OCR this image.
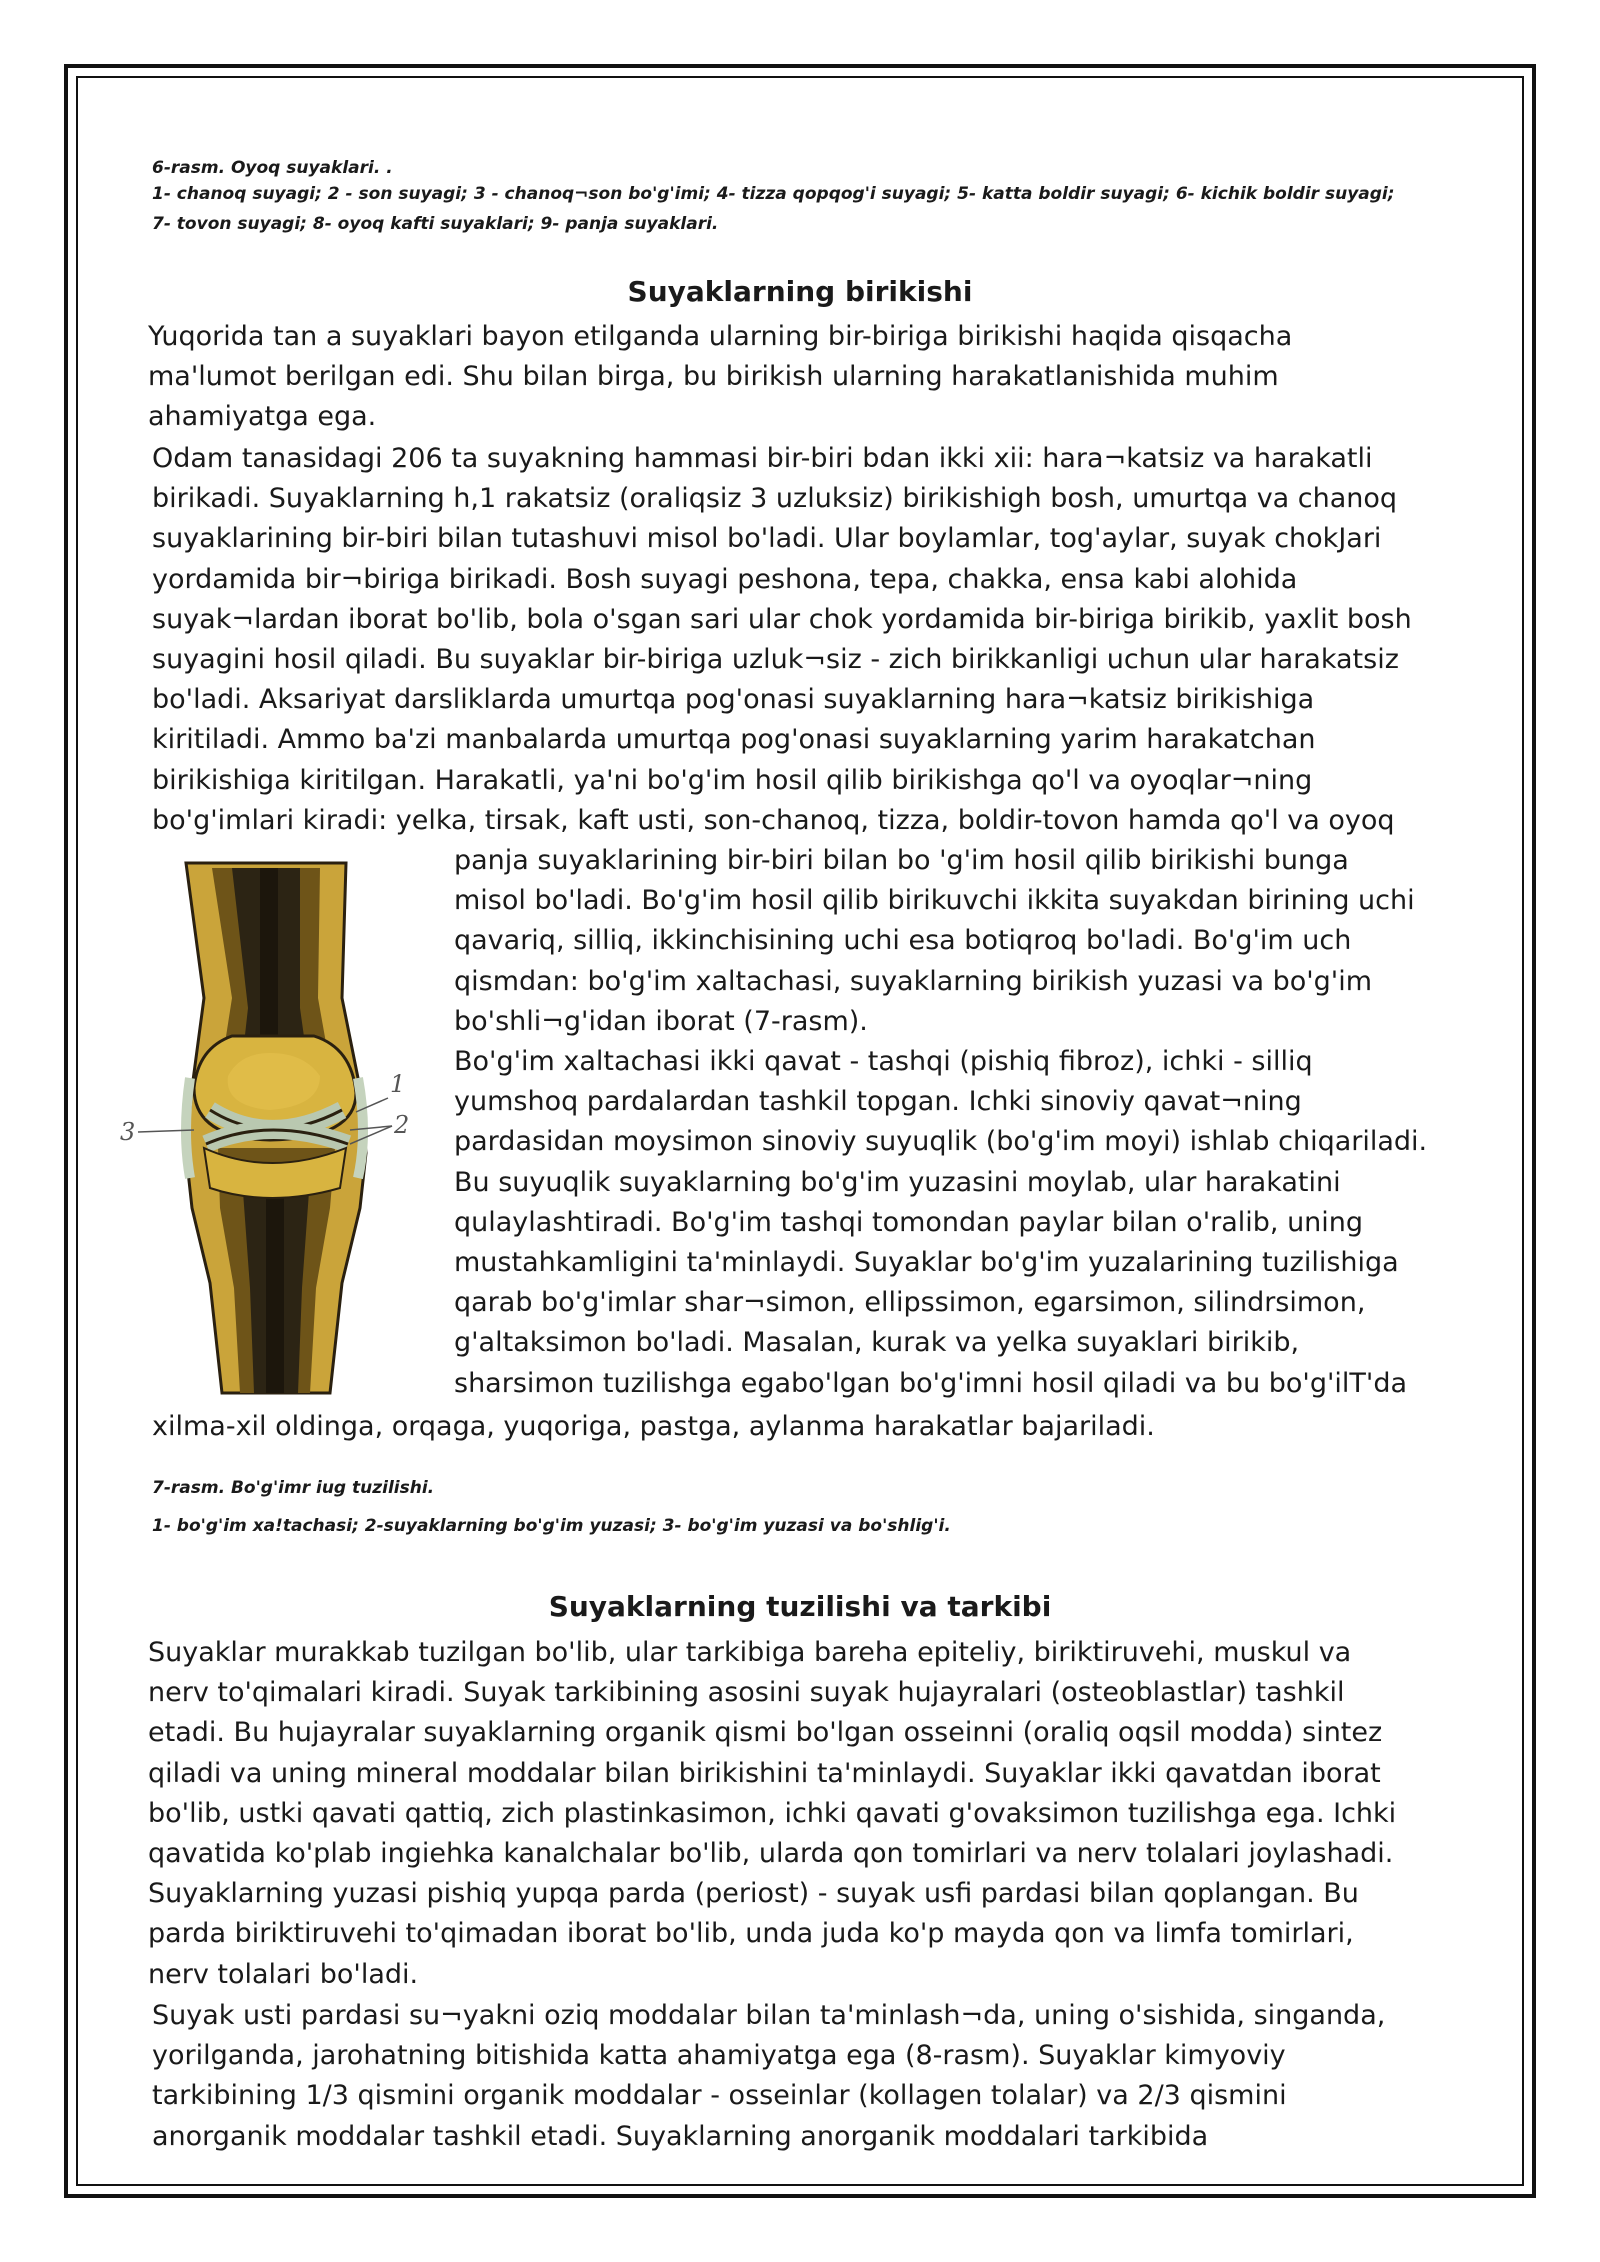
6-rasm. Oyoq suyaklari. .
1- chanoq suyagi; 2 - son suyagi; 3 - chanoq¬son bo'g'imi; 4- tizza qopqog'i suyagi; 5- katta boldir suyagi; 6- kichik boldir suyagi;
7- tovon suyagi; 8- oyoq kafti suyaklari; 9- panja suyaklari.
Suyaklarning birikishi
Yuqorida tan a suyaklari bayon etilganda ularning bir-biriga birikishi haqida qisqacha
ma'lumot berilgan edi. Shu bilan birga, bu birikish ularning harakatlanishida muhim
ahamiyatga ega.
Odam tanasidagi 206 ta suyakning hammasi bir-biri bdan ikki xii: hara¬katsiz va harakatli
birikadi. Suyaklarning h,1 rakatsiz (oraliqsiz 3 uzluksiz) birikishigh bosh, umurtqa va chanoq
suyaklarining bir-biri bilan tutashuvi misol bo'ladi. Ular boylamlar, tog'aylar, suyak chokJari
yordamida bir¬biriga birikadi. Bosh suyagi peshona, tepa, chakka, ensa kabi alohida
suyak¬lardan iborat bo'lib, bola o'sgan sari ular chok yordamida bir-biriga birikib, yaxlit bosh
suyagini hosil qiladi. Bu suyaklar bir-biriga uzluk¬siz - zich birikkanligi uchun ular harakatsiz
bo'ladi. Aksariyat darsliklarda umurtqa pog'onasi suyaklarning hara¬katsiz birikishiga
kiritiladi. Ammo ba'zi manbalarda umurtqa pog'onasi suyaklarning yarim harakatchan
birikishiga kiritilgan. Harakatli, ya'ni bo'g'im hosil qilib birikishga qo'l va oyoqlar¬ning
bo'g'imlari kiradi: yelka, tirsak, kaft usti, son-chanoq, tizza, boldir-tovon hamda qo'l va oyoq
1
2
3
panja suyaklarining bir-biri bilan bo 'g'im hosil qilib birikishi bunga
misol bo'ladi. Bo'g'im hosil qilib birikuvchi ikkita suyakdan birining uchi
qavariq, silliq, ikkinchisining uchi esa botiqroq bo'ladi. Bo'g'im uch
qismdan: bo'g'im xaltachasi, suyaklarning birikish yuzasi va bo'g'im
bo'shli¬g'idan iborat (7-rasm).
Bo'g'im xaltachasi ikki qavat - tashqi (pishiq fibroz), ichki - silliq
yumshoq pardalardan tashkil topgan. Ichki sinoviy qavat¬ning
pardasidan moysimon sinoviy suyuqlik (bo'g'im moyi) ishlab chiqariladi.
Bu suyuqlik suyaklarning bo'g'im yuzasini moylab, ular harakatini
qulaylashtiradi. Bo'g'im tashqi tomondan paylar bilan o'ralib, uning
mustahkamligini ta'minlaydi. Suyaklar bo'g'im yuzalarining tuzilishiga
qarab bo'g'imlar shar¬simon, ellipssimon, egarsimon, silindrsimon,
g'altaksimon bo'ladi. Masalan, kurak va yelka suyaklari birikib,
sharsimon tuzilishga egabo'lgan bo'g'imni hosil qiladi va bu bo'g'ilT'da
xilma-xil oldinga, orqaga, yuqoriga, pastga, aylanma harakatlar bajariladi.
7-rasm. Bo'g'imr iug tuzilishi.
1- bo'g'im xa!tachasi; 2-suyaklarning bo'g'im yuzasi; 3- bo'g'im yuzasi va bo'shlig'i.
Suyaklarning tuzilishi va tarkibi
Suyaklar murakkab tuzilgan bo'lib, ular tarkibiga bareha epiteliy, biriktiruvehi, muskul va
nerv to'qimalari kiradi. Suyak tarkibining asosini suyak hujayralari (osteoblastlar) tashkil
etadi. Bu hujayralar suyaklarning organik qismi bo'lgan osseinni (oraliq oqsil modda) sintez
qiladi va uning mineral moddalar bilan birikishini ta'minlaydi. Suyaklar ikki qavatdan iborat
bo'lib, ustki qavati qattiq, zich plastinkasimon, ichki qavati g'ovaksimon tuzilishga ega. Ichki
qavatida ko'plab ingiehka kanalchalar bo'lib, ularda qon tomirlari va nerv tolalari joylashadi.
Suyaklarning yuzasi pishiq yupqa parda (periost) - suyak usfi pardasi bilan qoplangan. Bu
parda biriktiruvehi to'qimadan iborat bo'lib, unda juda ko'p mayda qon va limfa tomirlari,
nerv tolalari bo'ladi.
Suyak usti pardasi su¬yakni oziq moddalar bilan ta'minlash¬da, uning o'sishida, singanda,
yorilganda, jarohatning bitishida katta ahamiyatga ega (8-rasm). Suyaklar kimyoviy
tarkibining 1/3 qismini organik moddalar - osseinlar (kollagen tolalar) va 2/3 qismini
anorganik moddalar tashkil etadi. Suyaklarning anorganik moddalari tarkibida
